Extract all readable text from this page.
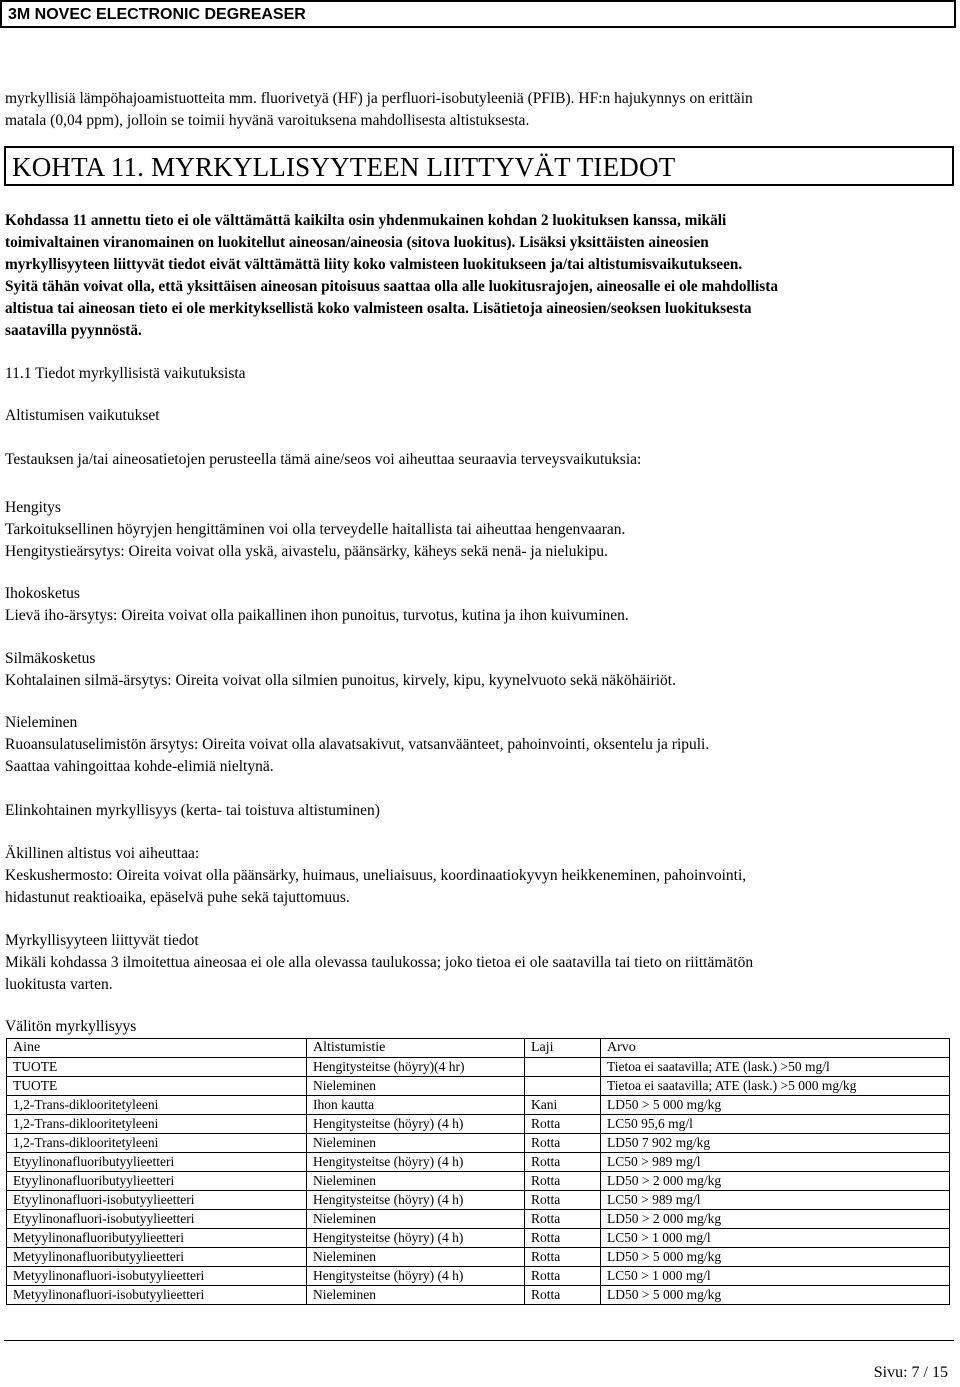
3M NOVEC ELECTRONIC DEGREASER
myrkyllisiä lämpöhajoamistuotteita mm. fluorivetyä (HF) ja perfluori-isobutyleeniä (PFIB). HF:n hajukynnys on erittäin
matala (0,04 ppm), jolloin se toimii hyvänä varoituksena mahdollisesta altistuksesta.
KOHTA 11. MYRKYLLISYYTEEN LIITTYVÄT TIEDOT
Kohdassa 11 annettu tieto ei ole välttämättä kaikilta osin yhdenmukainen kohdan 2 luokituksen kanssa, mikäli
toimivaltainen viranomainen on luokitellut aineosan/aineosia (sitova luokitus). Lisäksi yksittäisten aineosien
myrkyllisyyteen liittyvät tiedot eivät välttämättä liity koko valmisteen luokitukseen ja/tai altistumisvaikutukseen.
Syitä tähän voivat olla, että yksittäisen aineosan pitoisuus saattaa olla alle luokitusrajojen, aineosalle ei ole mahdollista
altistua tai aineosan tieto ei ole merkityksellistä koko valmisteen osalta. Lisätietoja aineosien/seoksen luokituksesta
saatavilla pyynnöstä.
11.1 Tiedot myrkyllisistä vaikutuksista
Altistumisen vaikutukset
Testauksen ja/tai aineosatietojen perusteella tämä aine/seos voi aiheuttaa seuraavia terveysvaikutuksia:
Hengitys
Tarkoituksellinen höyryjen hengittäminen voi olla terveydelle haitallista tai aiheuttaa hengenvaaran.
Hengitystieärsytys: Oireita voivat olla yskä, aivastelu, päänsärky, käheys sekä nenä- ja nielukipu.
Ihokosketus
Lievä iho-ärsytys: Oireita voivat olla paikallinen ihon punoitus, turvotus, kutina ja ihon kuivuminen.
Silmäkosketus
Kohtalainen silmä-ärsytys: Oireita voivat olla silmien punoitus, kirvely, kipu, kyynelvuoto sekä näköhäiriöt.
Nieleminen
Ruoansulatuselimistön ärsytys: Oireita voivat olla alavatsakivut, vatsanväänteet, pahoinvointi, oksentelu ja ripuli.
Saattaa vahingoittaa kohde-elimiä nieltynä.
Elinkohtainen myrkyllisyys (kerta- tai toistuva altistuminen)
Äkillinen altistus voi aiheuttaa:
Keskushermosto: Oireita voivat olla päänsärky, huimaus, uneliaisuus, koordinaatiokyvyn heikkeneminen, pahoinvointi,
hidastunut reaktioaika, epäselvä puhe sekä tajuttomuus.
Myrkyllisyyteen liittyvät tiedot
Mikäli kohdassa 3 ilmoitettua aineosaa ei ole alla olevassa taulukossa; joko tietoa ei ole saatavilla tai tieto on riittämätön
luokitusta varten.
Välitön myrkyllisyys
Aine	Altistumistie	Laji	Arvo
TUOTE	Hengitysteitse (höyry)(4 hr)		Tietoa ei saatavilla; ATE (lask.) >50 mg/l
TUOTE	Nieleminen		Tietoa ei saatavilla; ATE (lask.) >5 000 mg/kg
1,2-Trans-diklooritetyleeni	Ihon kautta	Kani	LD50 > 5 000 mg/kg
1,2-Trans-diklooritetyleeni	Hengitysteitse (höyry) (4 h)	Rotta	LC50 95,6 mg/l
1,2-Trans-diklooritetyleeni	Nieleminen	Rotta	LD50 7 902 mg/kg
Etyylinonafluoributyylieetteri	Hengitysteitse (höyry) (4 h)	Rotta	LC50 > 989 mg/l
Etyylinonafluoributyylieetteri	Nieleminen	Rotta	LD50 > 2 000 mg/kg
Etyylinonafluori-isobutyylieetteri	Hengitysteitse (höyry) (4 h)	Rotta	LC50 > 989 mg/l
Etyylinonafluori-isobutyylieetteri	Nieleminen	Rotta	LD50 > 2 000 mg/kg
Metyylinonafluoributyylieetteri	Hengitysteitse (höyry) (4 h)	Rotta	LC50 > 1 000 mg/l
Metyylinonafluoributyylieetteri	Nieleminen	Rotta	LD50 > 5 000 mg/kg
Metyylinonafluori-isobutyylieetteri	Hengitysteitse (höyry) (4 h)	Rotta	LC50 > 1 000 mg/l
Metyylinonafluori-isobutyylieetteri	Nieleminen	Rotta	LD50 > 5 000 mg/kg
Sivu: 7 / 15
